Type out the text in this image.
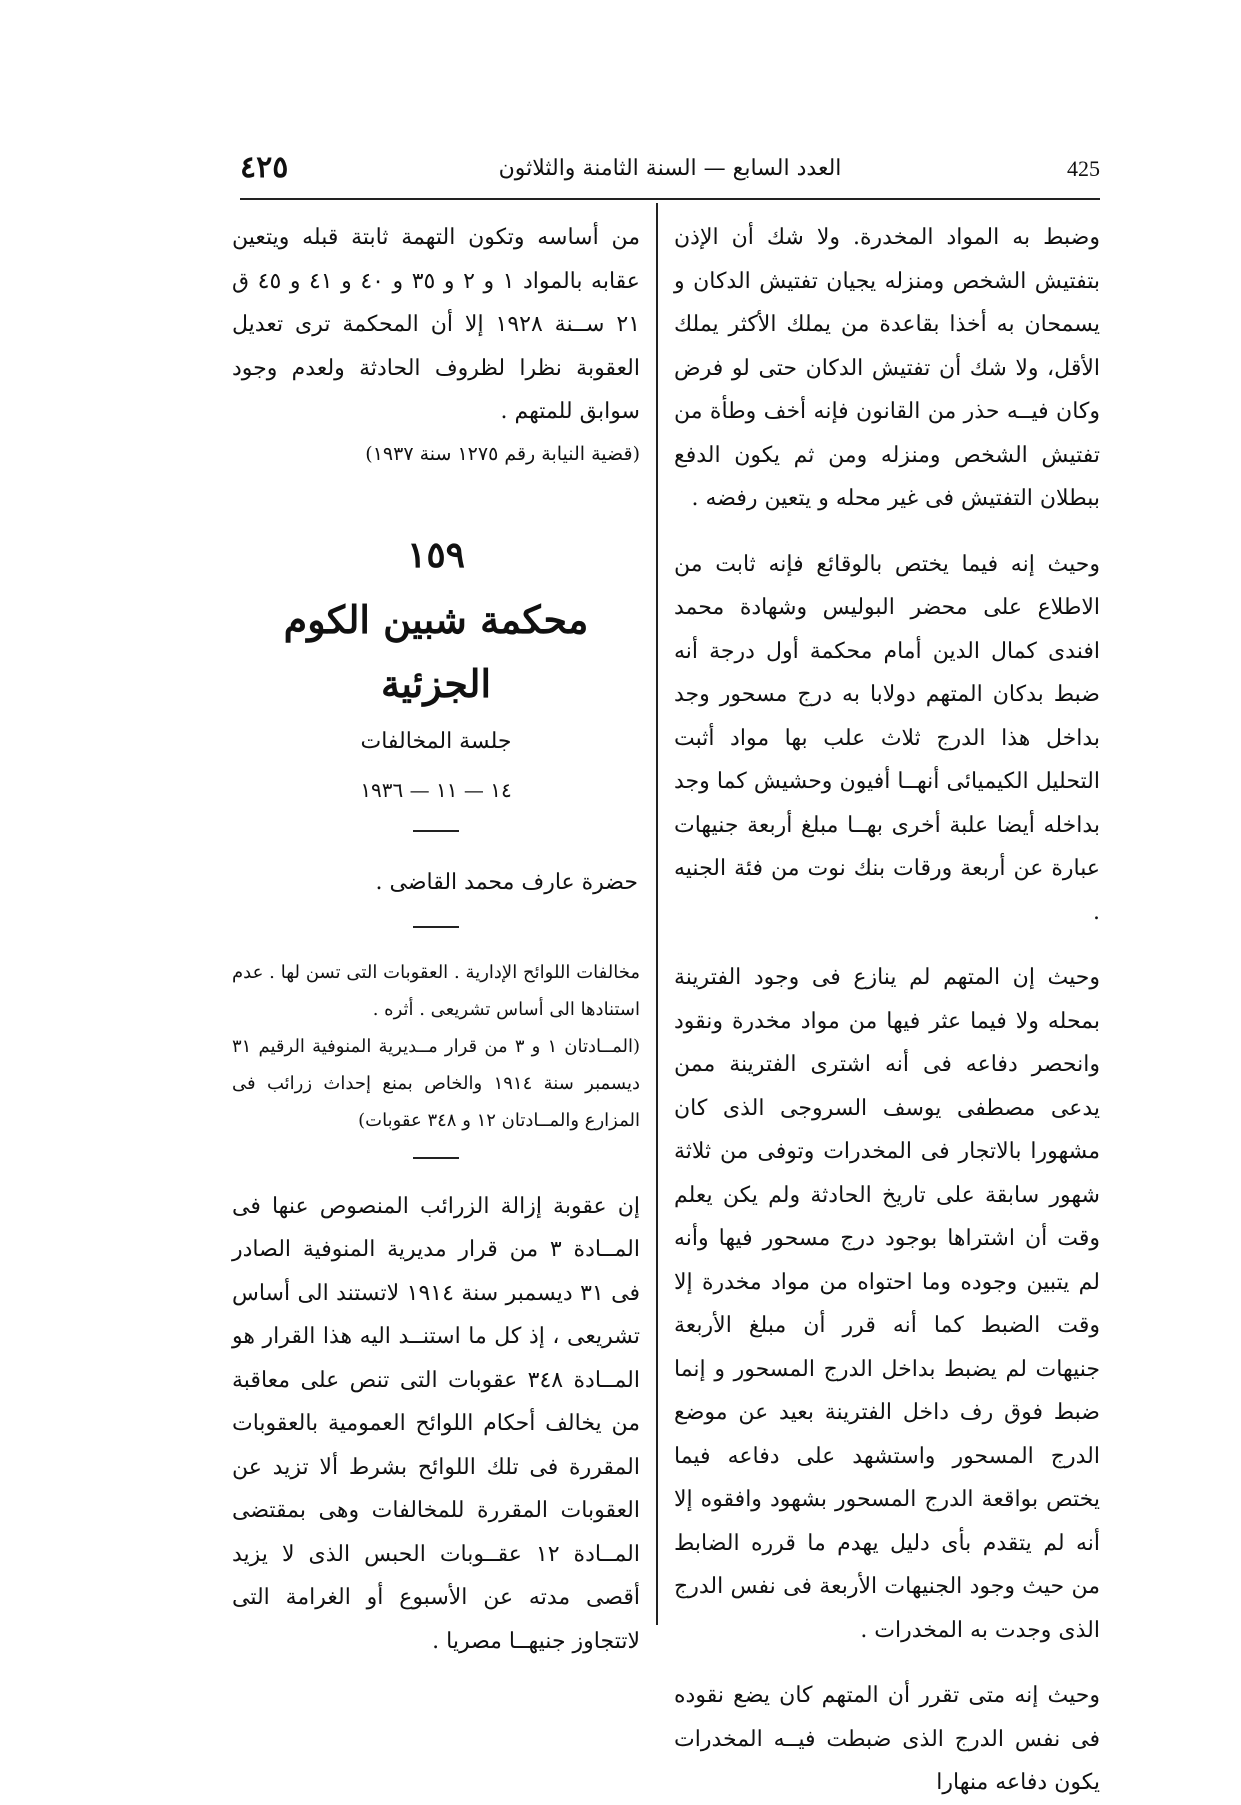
٤٢٥	العدد السابع — السنة الثامنة والثلاثون	425

وضبط به المواد المخدرة. ولا شك أن الإذن بتفتيش الشخص ومنزله يجيان تفتيش الدكان و يسمحان به أخذا بقاعدة من يملك الأكثر يملك الأقل، ولا شك أن تفتيش الدكان حتى لو فرض وكان فيــه حذر من القانون فإنه أخف وطأة من تفتيش الشخص ومنزله ومن ثم يكون الدفع ببطلان التفتيش فى غير محله و يتعين رفضه .

وحيث إنه فيما يختص بالوقائع فإنه ثابت من الاطلاع على محضر البوليس وشهادة محمد افندى كمال الدين أمام محكمة أول درجة أنه ضبط بدكان المتهم دولابا به درج مسحور وجد بداخل هذا الدرج ثلاث علب بها مواد أثبت التحليل الكيميائى أنهــا أفيون وحشيش كما وجد بداخله أيضا علبة أخرى بهــا مبلغ أربعة جنيهات عبارة عن أربعة ورقات بنك نوت من فئة الجنيه .

وحيث إن المتهم لم ينازع فى وجود الفترينة بمحله ولا فيما عثر فيها من مواد مخدرة ونقود وانحصر دفاعه فى أنه اشترى الفترينة ممن يدعى مصطفى يوسف السروجى الذى كان مشهورا بالاتجار فى المخدرات وتوفى من ثلاثة شهور سابقة على تاريخ الحادثة ولم يكن يعلم وقت أن اشتراها بوجود درج مسحور فيها وأنه لم يتبين وجوده وما احتواه من مواد مخدرة إلا وقت الضبط كما أنه قرر أن مبلغ الأربعة جنيهات لم يضبط بداخل الدرج المسحور و إنما ضبط فوق رف داخل الفترينة بعيد عن موضع الدرج المسحور واستشهد على دفاعه فيما يختص بواقعة الدرج المسحور بشهود وافقوه إلا أنه لم يتقدم بأى دليل يهدم ما قرره الضابط من حيث وجود الجنيهات الأربعة فى نفس الدرج الذى وجدت به المخدرات .

وحيث إنه متى تقرر أن المتهم كان يضع نقوده فى نفس الدرج الذى ضبطت فيــه المخدرات يكون دفاعه منهارا

من أساسه وتكون التهمة ثابتة قبله ويتعين عقابه بالمواد ١ و ٢ و ٣٥ و ٤٠ و ٤١ و ٤٥ ق ٢١ ســنة ١٩٢٨ إلا أن المحكمة ترى تعديل العقوبة نظرا لظروف الحادثة ولعدم وجود سوابق للمتهم .

(قضية النيابة رقم ١٢٧٥ سنة ١٩٣٧)

١٥٩
محكمة شبين الكوم الجزئية
جلسة المخالفات
١٤ — ١١ — ١٩٣٦
حضرة عارف محمد القاضى .

مخالفات اللوائح الإدارية . العقوبات التى تسن لها . عدم استنادها الى أساس تشريعى . أثره .

(المــادتان ١ و ٣ من قرار مــديرية المنوفية الرقيم ٣١ ديسمبر سنة ١٩١٤ والخاص بمنع إحداث زرائب فى المزارع والمــادتان ١٢ و ٣٤٨ عقوبات)

إن عقوبة إزالة الزرائب المنصوص عنها فى المــادة ٣ من قرار مديرية المنوفية الصادر فى ٣١ ديسمبر سنة ١٩١٤ لاتستند الى أساس تشريعى ، إذ كل ما استنــد اليه هذا القرار هو المــادة ٣٤٨ عقوبات التى تنص على معاقبة من يخالف أحكام اللوائح العمومية بالعقوبات المقررة فى تلك اللوائح بشرط ألا تزيد عن العقوبات المقررة للمخالفات وهى بمقتضى المــادة ١٢ عقــوبات الحبس الذى لا يزيد أقصى مدته عن الأسبوع أو الغرامة التى لاتتجاوز جنيهــا مصريا .
